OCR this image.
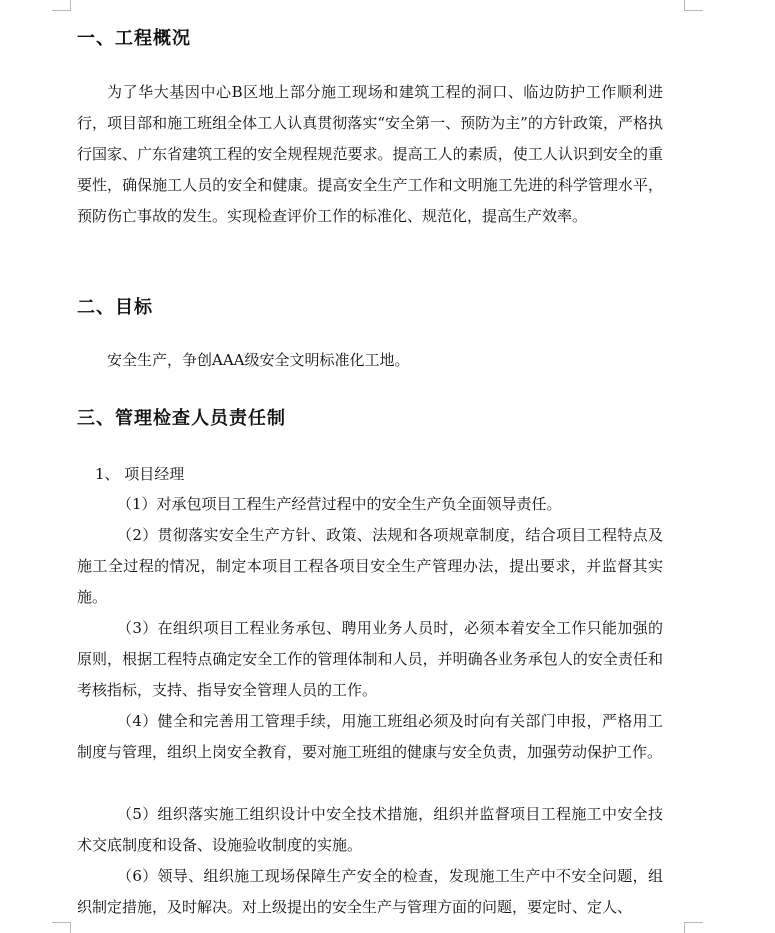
一、工程概况

为了华大基因中心B区地上部分施工现场和建筑工程的洞口、临边防护工作顺利进行，项目部和施工班组全体工人认真贯彻落实“安全第一、预防为主”的方针政策，严格执行国家、广东省建筑工程的安全规程规范要求。提高工人的素质，使工人认识到安全的重要性，确保施工人员的安全和健康。提高安全生产工作和文明施工先进的科学管理水平，预防伤亡事故的发生。实现检查评价工作的标准化、规范化，提高生产效率。

二、目标

安全生产，争创AAA级安全文明标准化工地。

三、管理检查人员责任制

1、 项目经理

（1）对承包项目工程生产经营过程中的安全生产负全面领导责任。

（2）贯彻落实安全生产方针、政策、法规和各项规章制度，结合项目工程特点及施工全过程的情况，制定本项目工程各项目安全生产管理办法，提出要求，并监督其实施。

（3）在组织项目工程业务承包、聘用业务人员时，必须本着安全工作只能加强的原则，根据工程特点确定安全工作的管理体制和人员，并明确各业务承包人的安全责任和考核指标，支持、指导安全管理人员的工作。

（4）健全和完善用工管理手续，用施工班组必须及时向有关部门申报，严格用工制度与管理，组织上岗安全教育，要对施工班组的健康与安全负责，加强劳动保护工作。

（5）组织落实施工组织设计中安全技术措施，组织并监督项目工程施工中安全技术交底制度和设备、设施验收制度的实施。

（6）领导、组织施工现场保障生产安全的检查，发现施工生产中不安全问题，组织制定措施，及时解决。对上级提出的安全生产与管理方面的问题，要定时、定人、
